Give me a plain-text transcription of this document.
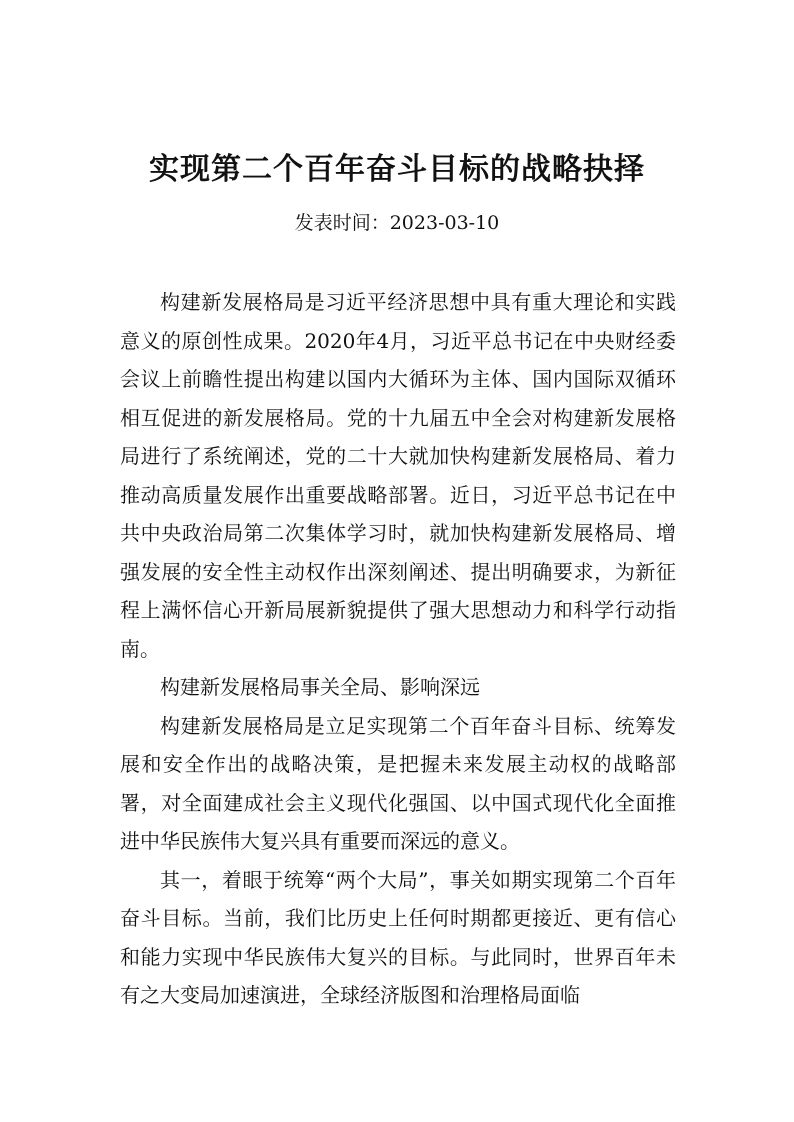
实现第二个百年奋斗目标的战略抉择
发表时间：2023-03-10

构建新发展格局是习近平经济思想中具有重大理论和实践意义的原创性成果。2020年4月，习近平总书记在中央财经委会议上前瞻性提出构建以国内大循环为主体、国内国际双循环相互促进的新发展格局。党的十九届五中全会对构建新发展格局进行了系统阐述，党的二十大就加快构建新发展格局、着力推动高质量发展作出重要战略部署。近日，习近平总书记在中共中央政治局第二次集体学习时，就加快构建新发展格局、增强发展的安全性主动权作出深刻阐述、提出明确要求，为新征程上满怀信心开新局展新貌提供了强大思想动力和科学行动指南。

构建新发展格局事关全局、影响深远

构建新发展格局是立足实现第二个百年奋斗目标、统筹发展和安全作出的战略决策，是把握未来发展主动权的战略部署，对全面建成社会主义现代化强国、以中国式现代化全面推进中华民族伟大复兴具有重要而深远的意义。

其一，着眼于统筹“两个大局”，事关如期实现第二个百年奋斗目标。当前，我们比历史上任何时期都更接近、更有信心和能力实现中华民族伟大复兴的目标。与此同时，世界百年未有之大变局加速演进，全球经济版图和治理格局面临
